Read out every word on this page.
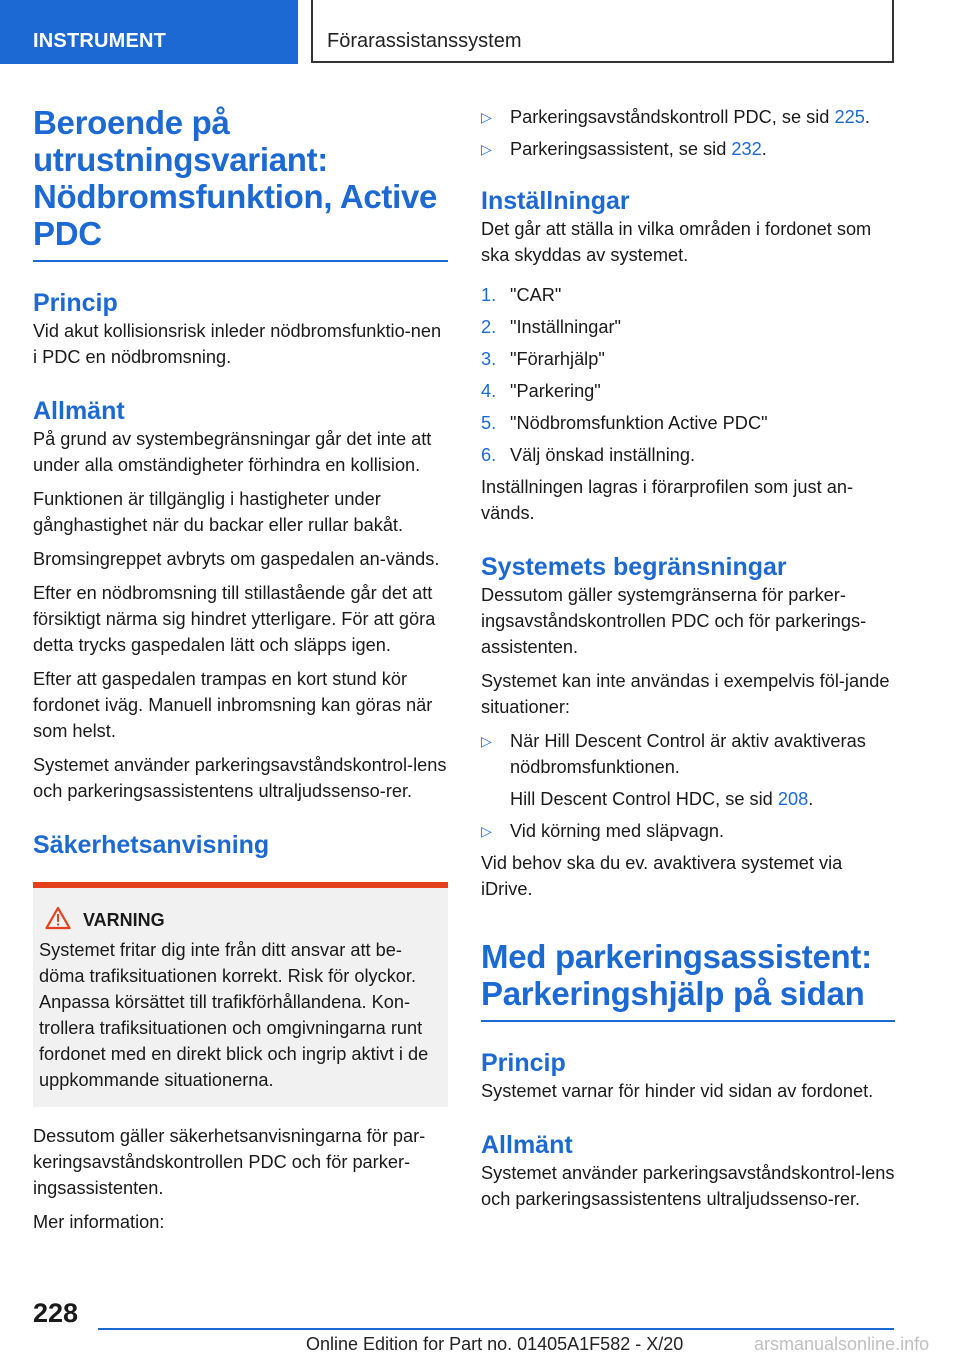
INSTRUMENT	Förarassistanssystem
Beroende på utrustningsvariant: Nödbromsfunktion, Active PDC
Princip

Vid akut kollisionsrisk inleder nödbromsfunktio-nen i PDC en nödbromsning.

Allmänt

På grund av systembegränsningar går det inte att under alla omständigheter förhindra en kollision.

Funktionen är tillgänglig i hastigheter under gånghastighet när du backar eller rullar bakåt.

Bromsingreppet avbryts om gaspedalen an-vänds.

Efter en nödbromsning till stillastående går det att försiktigt närma sig hindret ytterligare. För att göra detta trycks gaspedalen lätt och släpps igen.

Efter att gaspedalen trampas en kort stund kör fordonet iväg. Manuell inbromsning kan göras när som helst.

Systemet använder parkeringsavståndskontrol-lens och parkeringsassistentens ultraljudssenso-rer.

Säkerhetsanvisning
VARNING

Systemet fritar dig inte från ditt ansvar att be-döma trafiksituationen korrekt. Risk för olyckor. Anpassa körsättet till trafikförhållandena. Kon-trollera trafiksituationen och omgivningarna runt fordonet med en direkt blick och ingrip aktivt i de uppkommande situationerna.

Dessutom gäller säkerhetsanvisningarna för par-keringsavståndskontrollen PDC och för parker-ingsassistenten.

Mer information:

▷ Parkeringsavståndskontroll PDC, se sid 225.
▷ Parkeringsassistent, se sid 232.
Inställningar

Det går att ställa in vilka områden i fordonet som ska skyddas av systemet.

1. "CAR"
2. "Inställningar"
3. "Förarhjälp"
4. "Parkering"
5. "Nödbromsfunktion Active PDC"
6. Välj önskad inställning.

Inställningen lagras i förarprofilen som just an-vänds.

Systemets begränsningar

Dessutom gäller systemgränserna för parker-ingsavståndskontrollen PDC och för parkerings-assistenten.

Systemet kan inte användas i exempelvis föl-jande situationer:

▷ När Hill Descent Control är aktiv avaktiveras nödbromsfunktionen.
Hill Descent Control HDC, se sid 208.
▷ Vid körning med släpvagn.

Vid behov ska du ev. avaktivera systemet via iDrive.

Med parkeringsassistent: Parkeringshjälp på sidan
Princip

Systemet varnar för hinder vid sidan av fordonet.

Allmänt

Systemet använder parkeringsavståndskontrol-lens och parkeringsassistentens ultraljudssenso-rer.

228
Online Edition for Part no. 01405A1F582 - X/20	arsmanualsonline.info
